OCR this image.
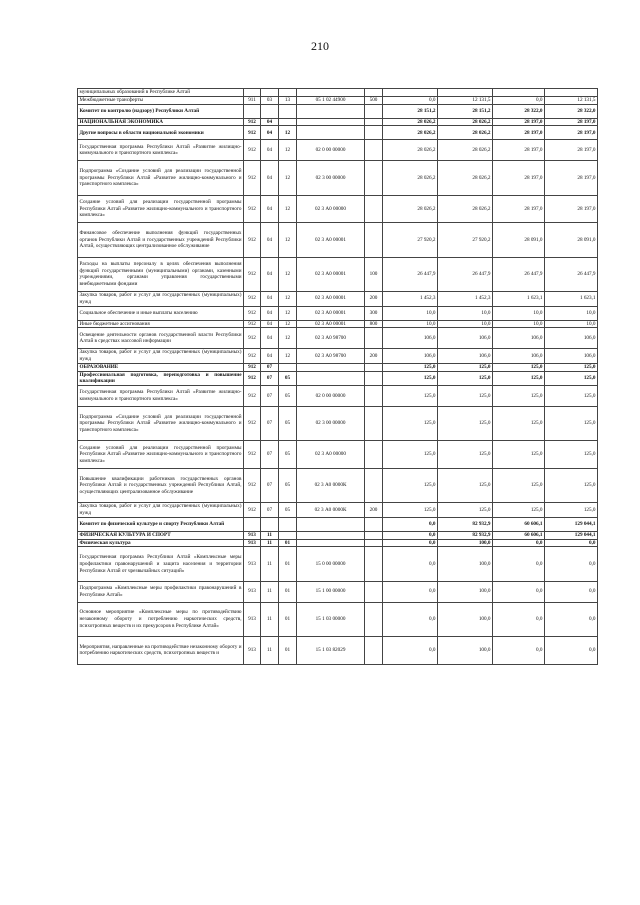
210
муниципальных образований в Республике Алтай									
Межбюджетные трансферты	911	03	13	05 1 02 44900	500	0,0	12 131,5	0,0	12 131,5
Комитет по контролю (надзору) Республики Алтай						28 151,2	28 151,2	28 322,0	28 322,0
НАЦИОНАЛЬНАЯ ЭКОНОМИКА	912	04				28 026,2	28 026,2	28 197,0	28 197,0
Другие вопросы в области национальной экономики	912	04	12			28 026,2	28 026,2	28 197,0	28 197,0
Государственная программа Республики Алтай «Развитие жилищно-коммунального и транспортного комплекса»	912	04	12	02 0 00 00000		28 026,2	28 026,2	28 197,0	28 197,0
Подпрограмма «Создание условий для реализации государственной программы Республики Алтай «Развитие жилищно-коммунального и транспортного комплекса»	912	04	12	02 3 00 00000		28 026,2	28 026,2	28 197,0	28 197,0
Создание условий для реализации государственной программы Республики Алтай «Развитие жилищно-коммунального и транспортного комплекса»	912	04	12	02 3 А0 00000		28 026,2	28 026,2	28 197,0	28 197,0
Финансовое обеспечение выполнения функций государственных органов Республики Алтай и государственных учреждений Республики Алтай, осуществляющих централизованное обслуживание	912	04	12	02 3 А0 00001		27 920,2	27 920,2	28 091,0	28 091,0
Расходы на выплаты персоналу в целях обеспечения выполнения функций государственными (муниципальными) органами, казенными учреждениями, органами управления государственными внебюджетными фондами	912	04	12	02 3 А0 00001	100	26 447,9	26 447,9	26 447,9	26 447,9
Закупка товаров, работ и услуг для государственных (муниципальных) нужд	912	04	12	02 3 А0 00001	200	1 452,3	1 452,3	1 623,1	1 623,1
Социальное обеспечение и иные выплаты населению	912	04	12	02 3 А0 00001	300	10,0	10,0	10,0	10,0
Иные бюджетные ассигнования	912	04	12	02 3 А0 00001	800	10,0	10,0	10,0	10,0
Освещение деятельности органов государственной власти Республики Алтай в средствах массовой информации	912	04	12	02 3 А0 98700		106,0	106,0	106,0	106,0
Закупка товаров, работ и услуг для государственных (муниципальных) нужд	912	04	12	02 3 А0 98700	200	106,0	106,0	106,0	106,0
ОБРАЗОВАНИЕ	912	07				125,0	125,0	125,0	125,0
Профессиональная подготовка, переподготовка и повышение квалификации	912	07	05			125,0	125,0	125,0	125,0
Государственная программа Республики Алтай «Развитие жилищно-коммунального и транспортного комплекса»	912	07	05	02 0 00 00000		125,0	125,0	125,0	125,0
Подпрограмма «Создание условий для реализации государственной программы Республики Алтай «Развитие жилищно-коммунального и транспортного комплекса»	912	07	05	02 3 00 00000		125,0	125,0	125,0	125,0
Создание условий для реализации государственной программы Республики Алтай «Развитие жилищно-коммунального и транспортного комплекса»	912	07	05	02 3 А0 00000		125,0	125,0	125,0	125,0
Повышение квалификации работников государственных органов Республики Алтай и государственных учреждений Республики Алтай, осуществляющих централизованное обслуживание	912	07	05	02 3 А0 0000К		125,0	125,0	125,0	125,0
Закупка товаров, работ и услуг для государственных (муниципальных) нужд	912	07	05	02 3 А0 0000К	200	125,0	125,0	125,0	125,0
Комитет по физической культуре и спорту Республики Алтай						0,0	82 932,9	60 606,1	129 044,1
ФИЗИЧЕСКАЯ КУЛЬТУРА И СПОРТ	913	11				0,0	82 932,9	60 606,1	129 044,1
Физическая культура	913	11	01			0,0	100,0	0,0	0,0
Государственная программа Республики Алтай «Комплексные меры профилактики правонарушений и защита населения и территории Республики Алтай от чрезвычайных ситуаций»	913	11	01	15 0 00 00000		0,0	100,0	0,0	0,0
Подпрограмма «Комплексные меры профилактики правонарушений в Республике Алтай»	913	11	01	15 1 00 00000		0,0	100,0	0,0	0,0
Основное мероприятие «Комплексные меры по противодействию незаконному обороту и потреблению наркотических средств, психотропных веществ и их прекурсоров в Республике Алтай»	913	11	01	15 1 03 00000		0,0	100,0	0,0	0,0
Мероприятия, направленные на противодействие незаконному обороту и потреблению наркотических средств, психотропных веществ и	913	11	01	15 1 03 82029		0,0	100,0	0,0	0,0
